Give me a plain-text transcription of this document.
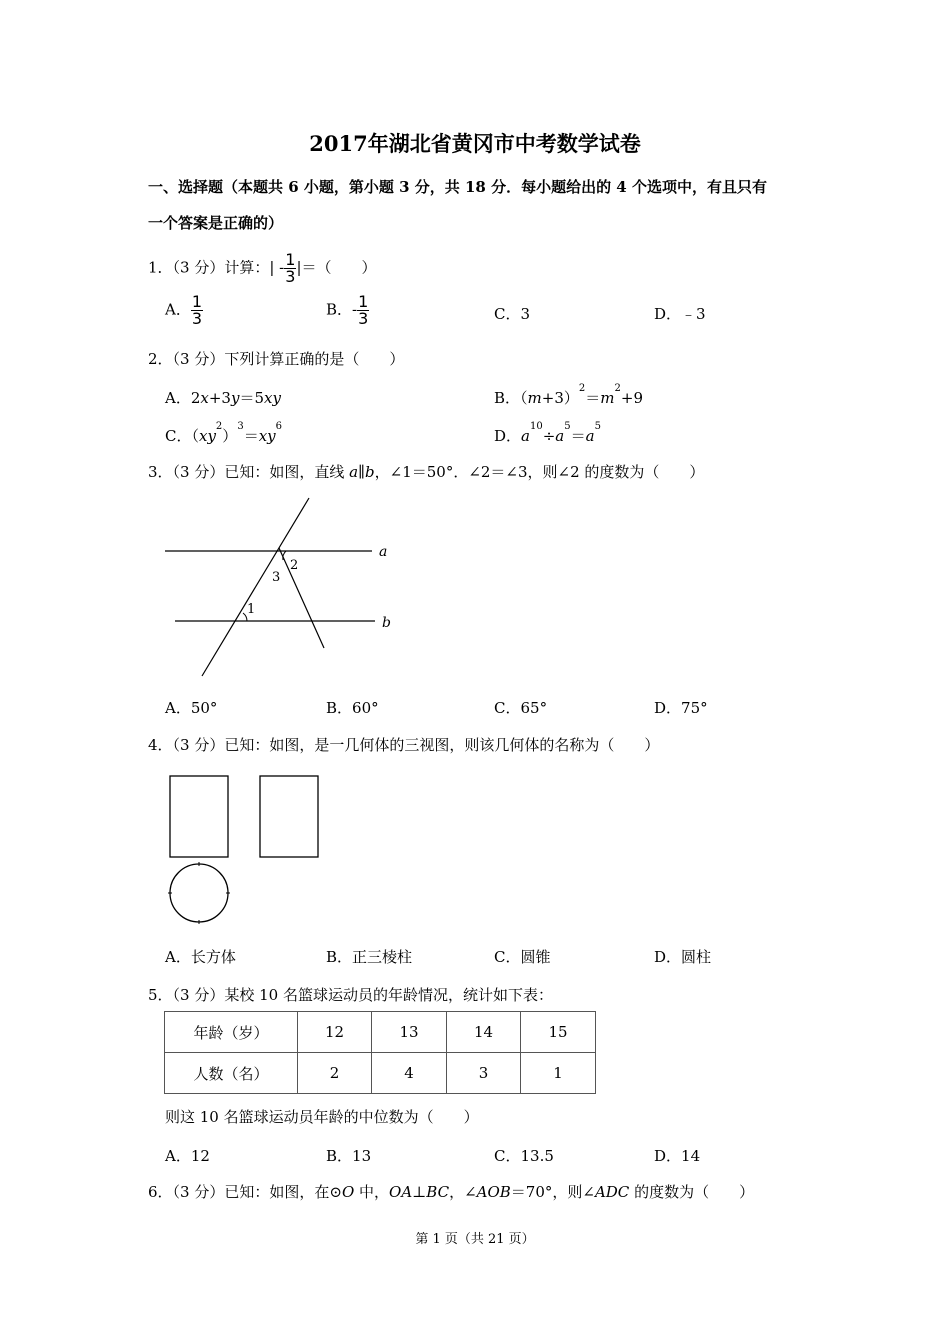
2017年湖北省黄冈市中考数学试卷
一、选择题（本题共 6 小题，第小题 3 分，共 18 分．每小题给出的 4 个选项中，有且只有
一个答案是正确的）
1．（3 分）计算：| - $\frac{1}{3}$ |＝（　　）
A． $\frac{1}{3}$	B．- $\frac{1}{3}$	C．3	D．﹣3
2．（3 分）下列计算正确的是（　　）
A．2x+3y＝5xy	B．$(m+3)^2=m^2+9$
C．$(xy^2)^3=xy^6$
D．$a^{10}\div a^5=a^5$
3．（3 分）已知：如图，直线 a∥b，∠1＝50°．∠2＝∠3，则∠2 的度数为（　　）
a
b
1
2
3
A．50°	B．60°	C．65°	D．75°
4．（3 分）已知：如图，是一几何体的三视图，则该几何体的名称为（　　）
A．长方体	B．正三棱柱	C．圆锥	D．圆柱
5．（3 分）某校 10 名篮球运动员的年龄情况，统计如下表：
年龄（岁）	12	13	14	15
人数（名）	2	4	3	1
则这 10 名篮球运动员年龄的中位数为（　　）
A．12	B．13	C．13.5	D．14
6．（3 分）已知：如图，在⊙O 中，OA⊥BC，∠AOB＝70°，则∠ADC 的度数为（　　）
第 1 页（共 21 页）
